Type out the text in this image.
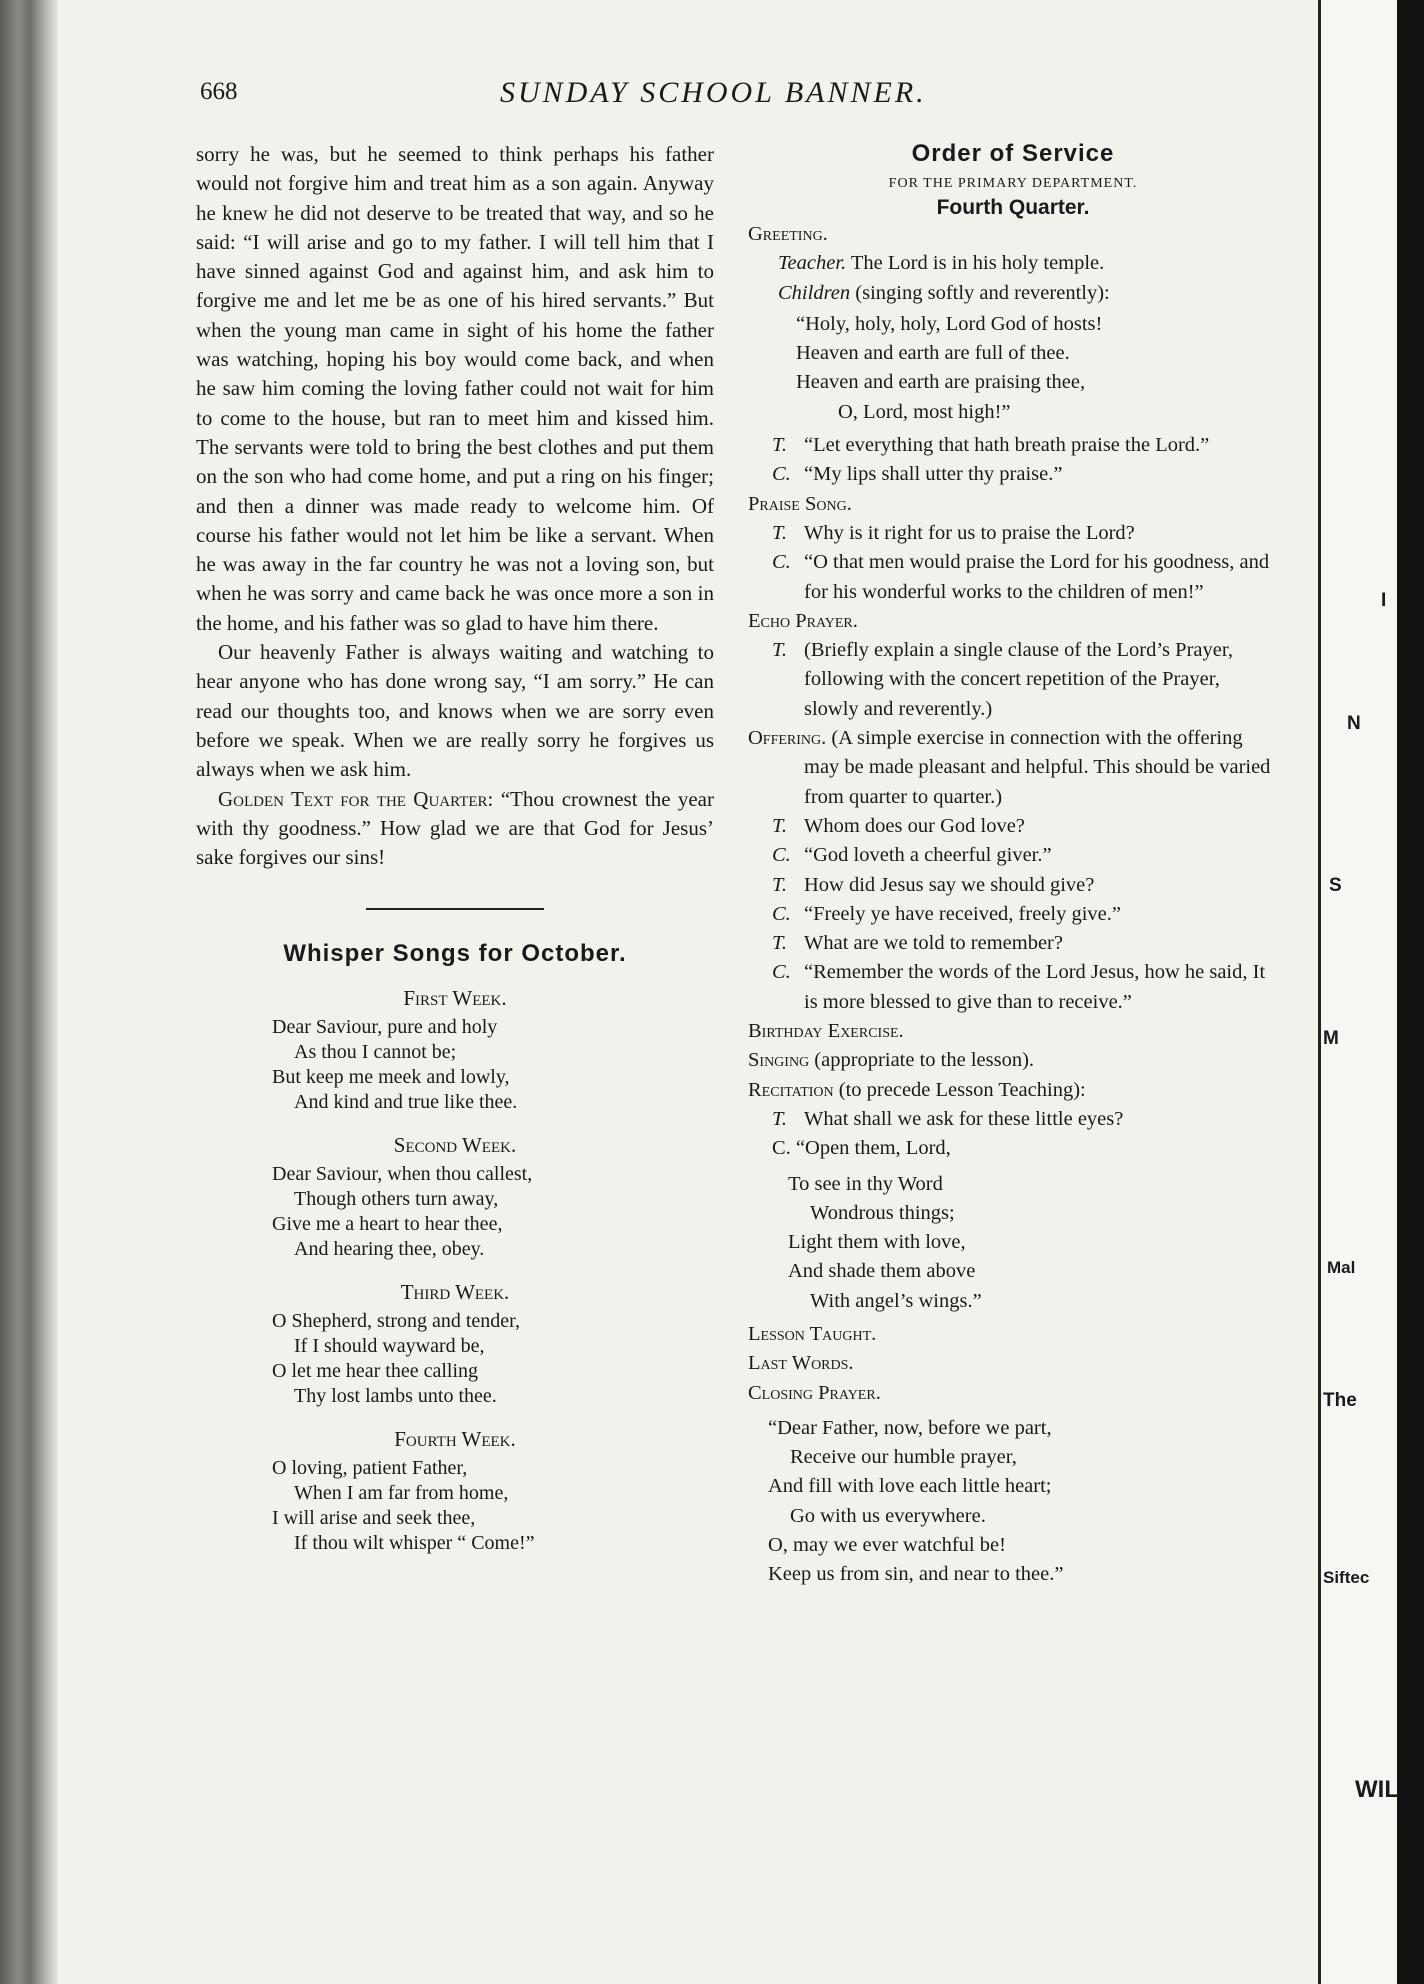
I
N
S
M
Mal
The
Siftec
WIL
668	SUNDAY SCHOOL BANNER.

sorry he was, but he seemed to think perhaps his father would not forgive him and treat him as a son again. Anyway he knew he did not deserve to be treated that way, and so he said: “I will arise and go to my father. I will tell him that I have sinned against God and against him, and ask him to forgive me and let me be as one of his hired servants.” But when the young man came in sight of his home the father was watching, hoping his boy would come back, and when he saw him coming the loving father could not wait for him to come to the house, but ran to meet him and kissed him. The servants were told to bring the best clothes and put them on the son who had come home, and put a ring on his finger; and then a dinner was made ready to welcome him. Of course his father would not let him be like a servant. When he was away in the far country he was not a loving son, but when he was sorry and came back he was once more a son in the home, and his father was so glad to have him there.

Our heavenly Father is always waiting and watching to hear anyone who has done wrong say, “I am sorry.” He can read our thoughts too, and knows when we are sorry even before we speak. When we are really sorry he forgives us always when we ask him.

Golden Text for the Quarter: “Thou crownest the year with thy goodness.” How glad we are that God for Jesus’ sake forgives our sins!

Whisper Songs for October.
First Week.
Dear Saviour, pure and holy
As thou I cannot be;
But keep me meek and lowly,
And kind and true like thee.
Second Week.
Dear Saviour, when thou callest,
Though others turn away,
Give me a heart to hear thee,
And hearing thee, obey.
Third Week.
O Shepherd, strong and tender,
If I should wayward be,
O let me hear thee calling
Thy lost lambs unto thee.
Fourth Week.
O loving, patient Father,
When I am far from home,
I will arise and seek thee,
If thou wilt whisper “ Come!”
Order of Service
FOR THE PRIMARY DEPARTMENT.
Fourth Quarter.

Greeting.

Teacher. The Lord is in his holy temple.

Children (singing softly and reverently):

“Holy, holy, holy, Lord God of hosts!

Heaven and earth are full of thee.

Heaven and earth are praising thee,

O, Lord, most high!”

T. “Let everything that hath breath praise the Lord.”

C. “My lips shall utter thy praise.”

Praise Song.

T. Why is it right for us to praise the Lord?

C. “O that men would praise the Lord for his goodness, and for his wonderful works to the children of men!”

Echo Prayer.

T. (Briefly explain a single clause of the Lord’s Prayer, following with the concert repetition of the Prayer, slowly and reverently.)

Offering. (A simple exercise in connection with the offering may be made pleasant and helpful. This should be varied from quarter to quarter.)

T. Whom does our God love?

C. “God loveth a cheerful giver.”

T. How did Jesus say we should give?

C. “Freely ye have received, freely give.”

T. What are we told to remember?

C. “Remember the words of the Lord Jesus, how he said, It is more blessed to give than to receive.”

Birthday Exercise.

Singing (appropriate to the lesson).

Recitation (to precede Lesson Teaching):

T. What shall we ask for these little eyes?

C. “Open them, Lord,

To see in thy Word

Wondrous things;

Light them with love,

And shade them above

With angel’s wings.”

Lesson Taught.

Last Words.

Closing Prayer.

“Dear Father, now, before we part,

Receive our humble prayer,

And fill with love each little heart;

Go with us everywhere.

O, may we ever watchful be!

Keep us from sin, and near to thee.”
